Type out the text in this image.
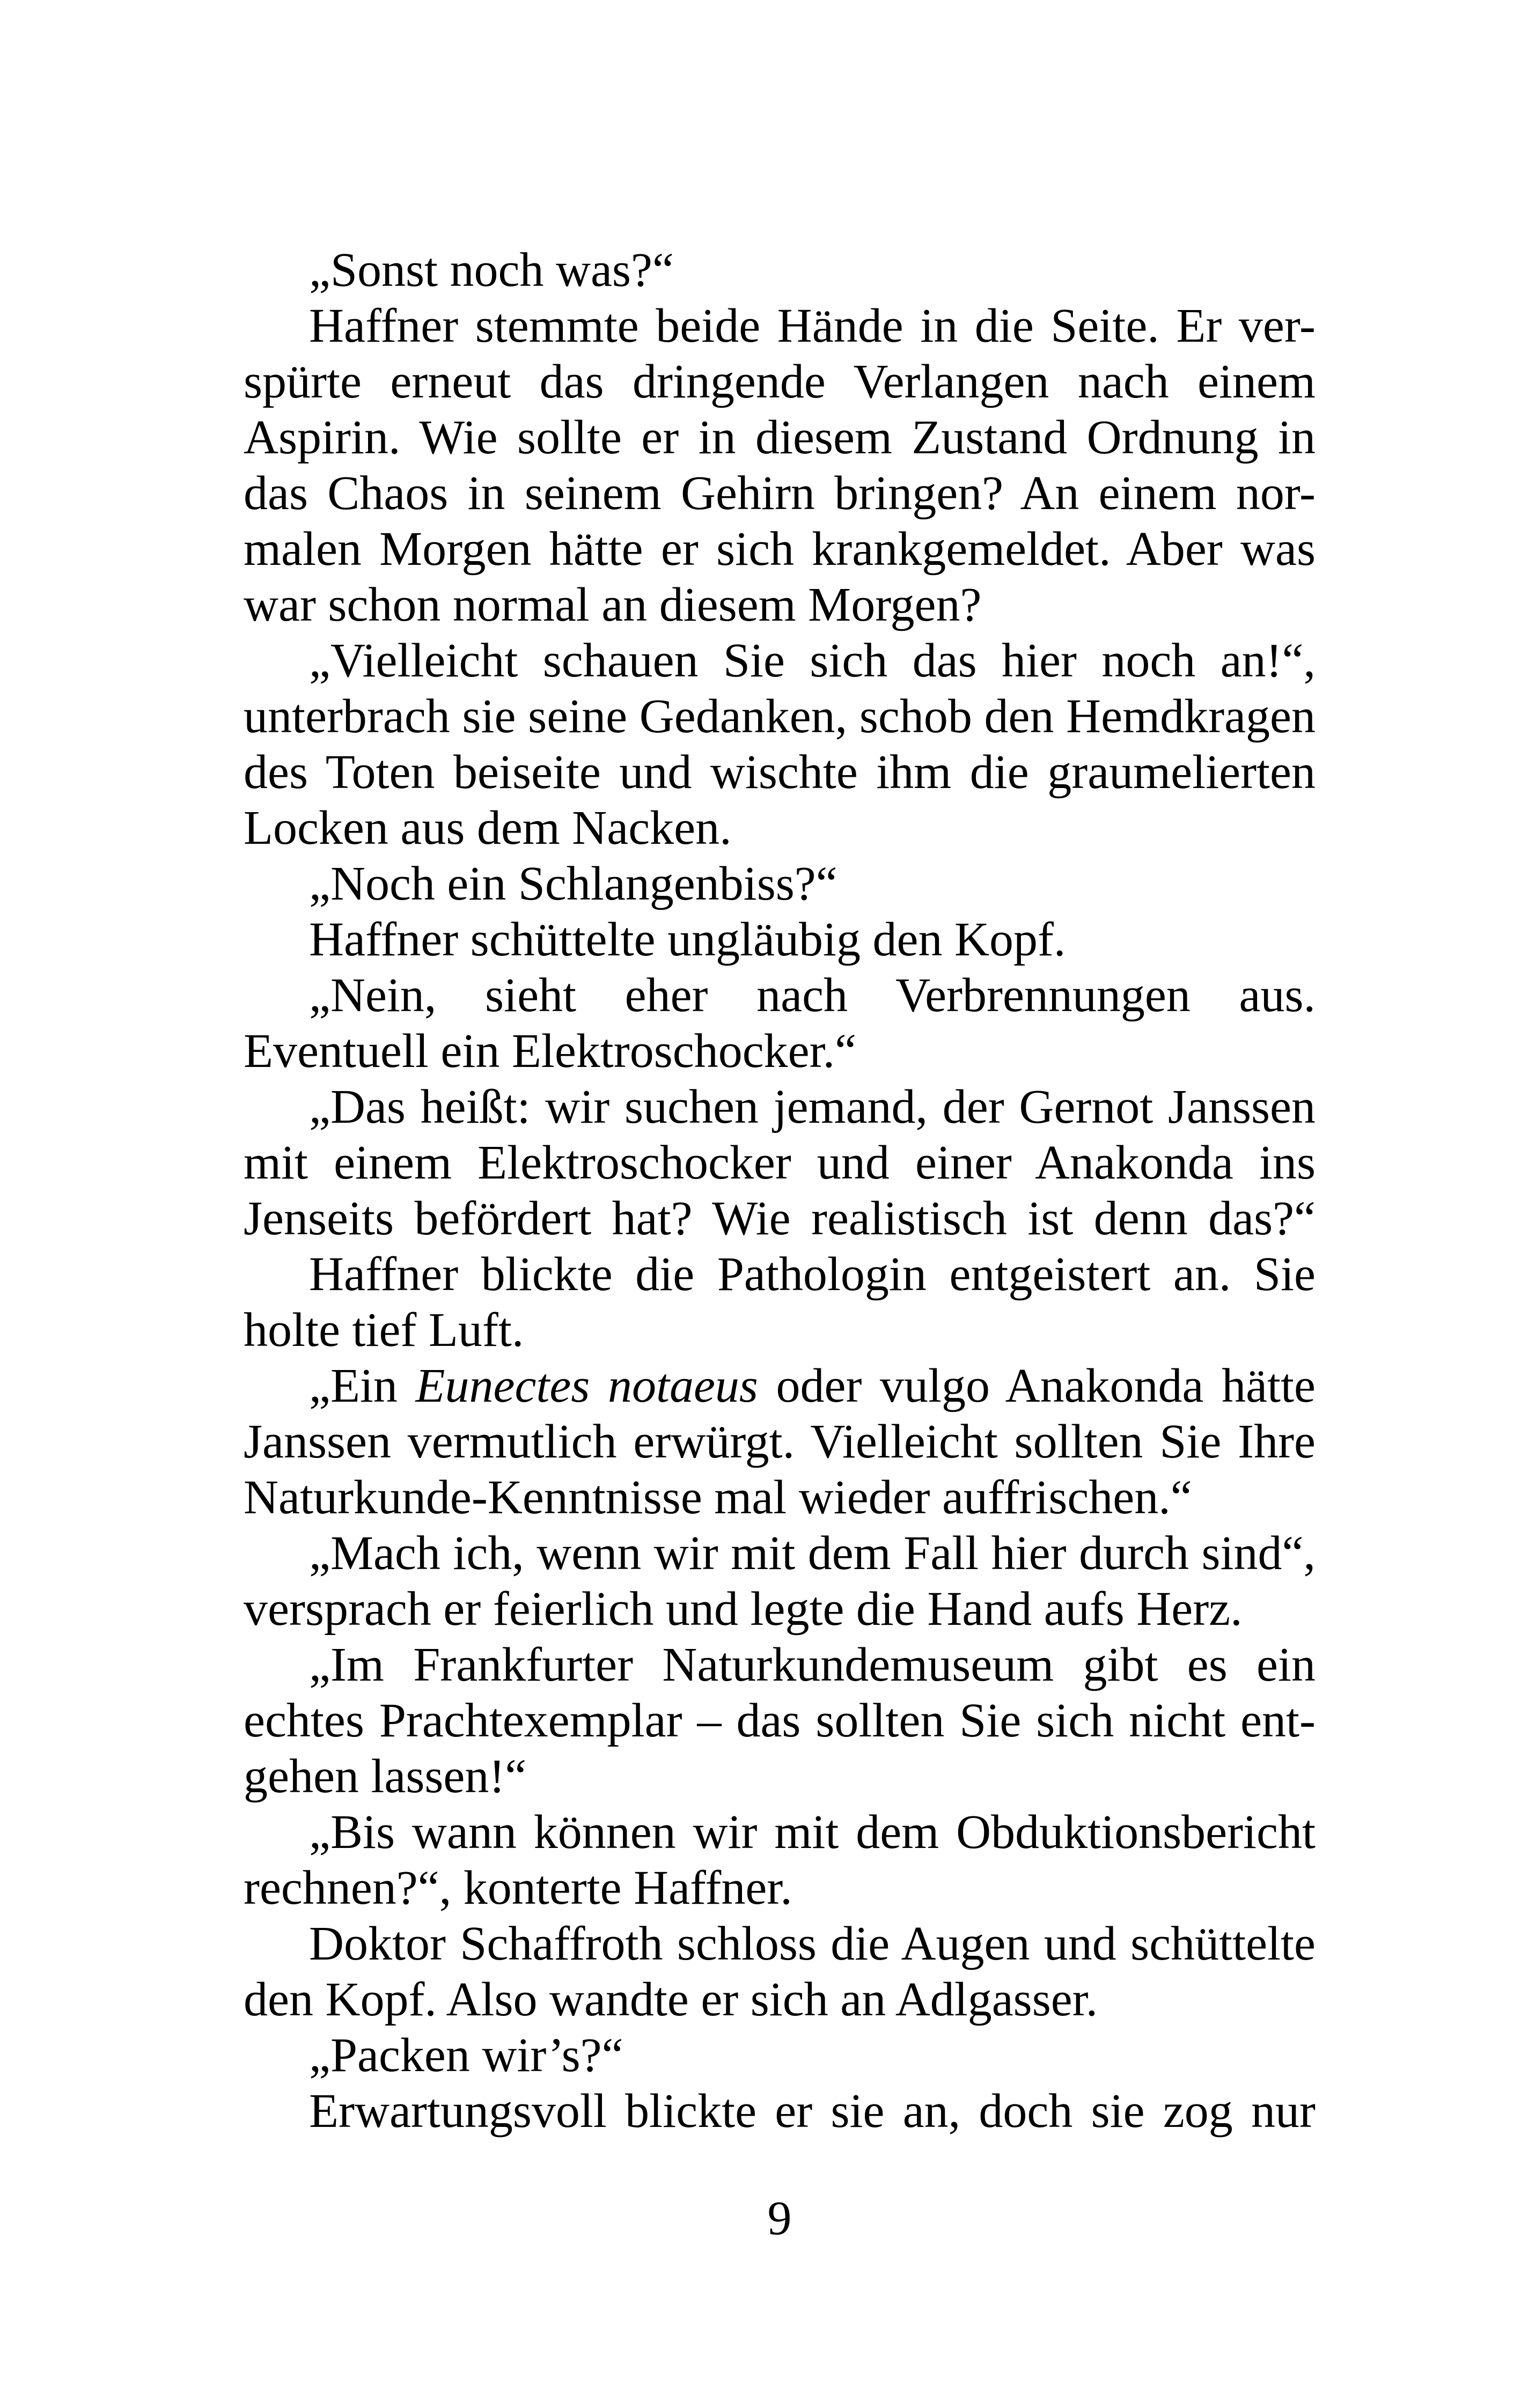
„Sonst noch was?“
Haffner stemmte beide Hände in die Seite. Er ver-
spürte erneut das dringende Verlangen nach einem
Aspirin. Wie sollte er in diesem Zustand Ordnung in
das Chaos in seinem Gehirn bringen? An einem nor-
malen Morgen hätte er sich krankgemeldet. Aber was
war schon normal an diesem Morgen?
„Vielleicht schauen Sie sich das hier noch an!“,
unterbrach sie seine Gedanken, schob den Hemdkragen
des Toten beiseite und wischte ihm die graumelierten
Locken aus dem Nacken.
„Noch ein Schlangenbiss?“
Haffner schüttelte ungläubig den Kopf.
„Nein, sieht eher nach Verbrennungen aus.
Eventuell ein Elektroschocker.“
„Das heißt: wir suchen jemand, der Gernot Janssen
mit einem Elektroschocker und einer Anakonda ins
Jenseits befördert hat? Wie realistisch ist denn das?“
Haffner blickte die Pathologin entgeistert an. Sie
holte tief Luft.
„Ein Eunectes notaeus oder vulgo Anakonda hätte
Janssen vermutlich erwürgt. Vielleicht sollten Sie Ihre
Naturkunde-Kenntnisse mal wieder auffrischen.“
„Mach ich, wenn wir mit dem Fall hier durch sind“,
versprach er feierlich und legte die Hand aufs Herz.
„Im Frankfurter Naturkundemuseum gibt es ein
echtes Prachtexemplar – das sollten Sie sich nicht ent-
gehen lassen!“
„Bis wann können wir mit dem Obduktionsbericht
rechnen?“, konterte Haffner.
Doktor Schaffroth schloss die Augen und schüttelte
den Kopf. Also wandte er sich an Adlgasser.
„Packen wir’s?“
Erwartungsvoll blickte er sie an, doch sie zog nur
9
